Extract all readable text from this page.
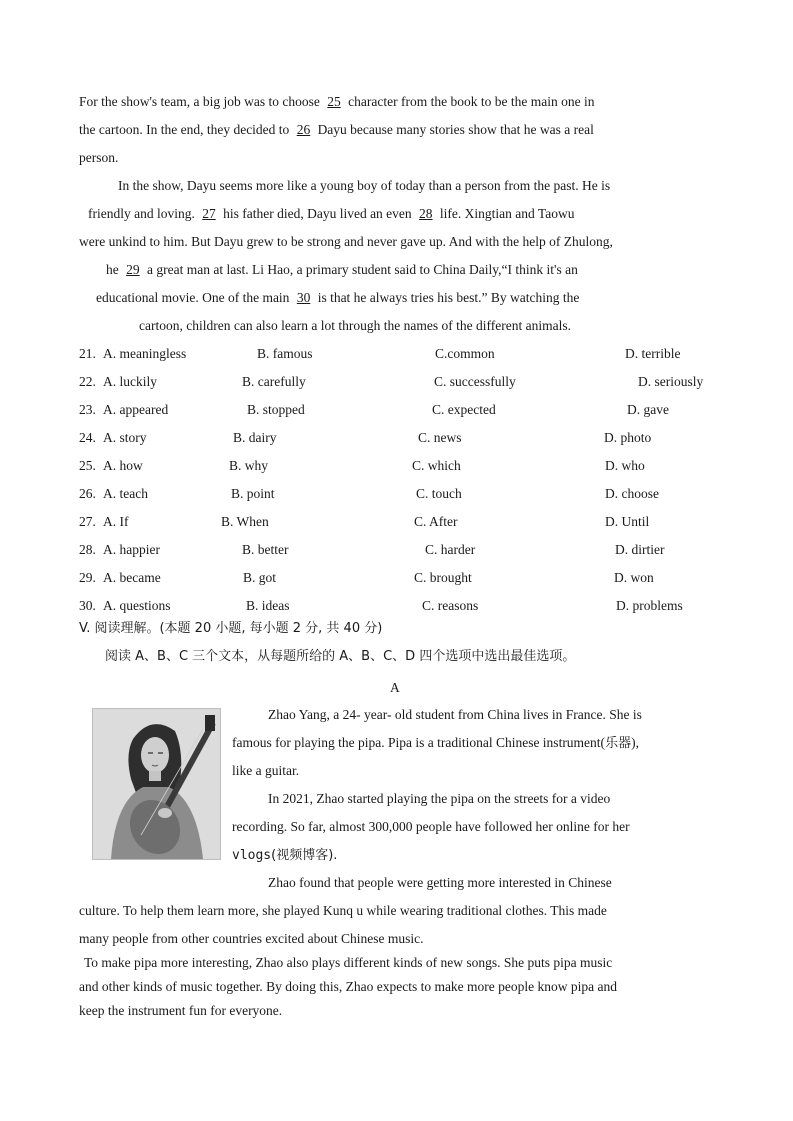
For the show's team, a big job was to choose 25 character from the book to be the main one in
the cartoon. In the end, they decided to 26 Dayu because many stories show that he was a real
person.
In the show, Dayu seems more like a young boy of today than a person from the past. He is
friendly and loving. 27 his father died, Dayu lived an even 28 life. Xingtian and Taowu
were unkind to him. But Dayu grew to be strong and never gave up. And with the help of Zhulong,
he 29 a great man at last. Li Hao, a primary student said to China Daily,“I think it's an
educational movie. One of the main 30 is that he always tries his best.” By watching the
cartoon, children can also learn a lot through the names of the different animals.
21. A. meaningless	B. famous	C.common	D. terrible
22. A. luckily	B. carefully	C. successfully	D. seriously
23. A. appeared	B. stopped	C. expected	D. gave
24. A. story	B. dairy	C. news	D. photo
25. A. how	B. why	C. which	D. who
26. A. teach	B. point	C. touch	D. choose
27. A. If	B. When	C. After	D. Until
28. A. happier	B. better	C. harder	D. dirtier
29. A. became	B. got	C. brought	D. won
30. A. questions	B. ideas	C. reasons	D. problems
V. 阅读理解。(本题 20 小题, 每小题 2 分, 共 40 分)
阅读 A、B、C 三个文本，从每题所给的 A、B、C、D 四个选项中选出最佳选项。
A
Zhao Yang, a 24- year- old student from China lives in France. She is
famous for playing the pipa. Pipa is a traditional Chinese instrument(乐器),
like a guitar.
In 2021, Zhao started playing the pipa on the streets for a video
recording. So far, almost 300,000 people have followed her online for her
vlogs(视频博客).
Zhao found that people were getting more interested in Chinese
culture. To help them learn more, she played Kunq u while wearing traditional clothes. This made
many people from other countries excited about Chinese music.
To make pipa more interesting, Zhao also plays different kinds of new songs. She puts pipa music
and other kinds of music together. By doing this, Zhao expects to make more people know pipa and
keep the instrument fun for everyone.
